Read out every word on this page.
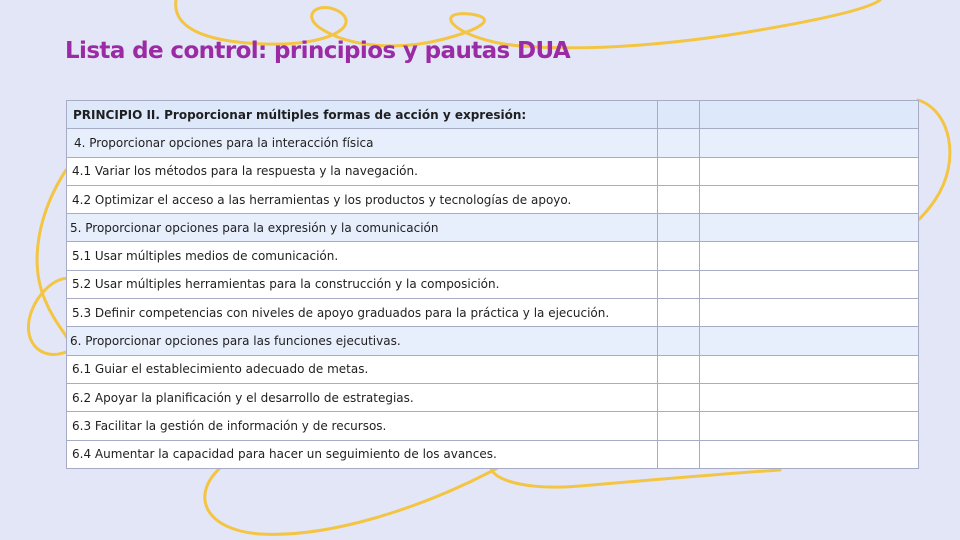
Lista de control: principios y pautas DUA
PRINCIPIO II. Proporcionar múltiples formas de acción y expresión:		
4. Proporcionar opciones para la interacción física		
4.1 Variar los métodos para la respuesta y la navegación.		
4.2 Optimizar el acceso a las herramientas y los productos y tecnologías de apoyo.		
5. Proporcionar opciones para la expresión y la comunicación		
5.1 Usar múltiples medios de comunicación.		
5.2 Usar múltiples herramientas para la construcción y la composición.		
5.3 Definir competencias con niveles de apoyo graduados para la práctica y la ejecución.		
6. Proporcionar opciones para las funciones ejecutivas.		
6.1 Guiar el establecimiento adecuado de metas.		
6.2 Apoyar la planificación y el desarrollo de estrategias.		
6.3 Facilitar la gestión de información y de recursos.		
6.4 Aumentar la capacidad para hacer un seguimiento de los avances.		
